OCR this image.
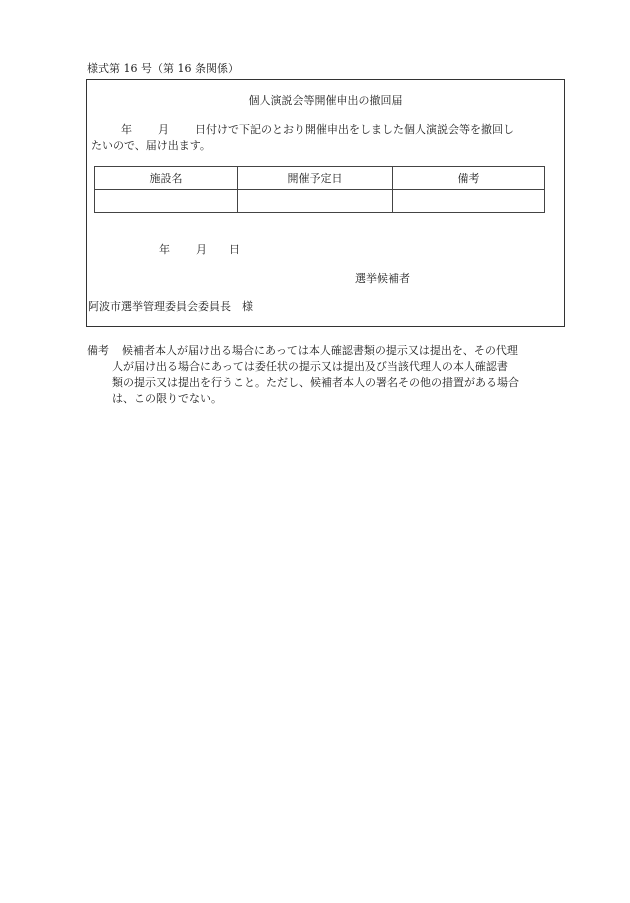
様式第 16 号（第 16 条関係）
個人演説会等開催申出の撤回届
年 月 日付けで下記のとおり開催申出をしました個人演説会等を撤回し
たいので、届け出ます。
施設名	開催予定日	備考

年 月 日
選挙候補者
阿波市選挙管理委員会委員長　様
備考 候補者本人が届け出る場合にあっては本人確認書類の提示又は提出を、その代理
人が届け出る場合にあっては委任状の提示又は提出及び当該代理人の本人確認書
類の提示又は提出を行うこと。ただし、候補者本人の署名その他の措置がある場合
は、この限りでない。
